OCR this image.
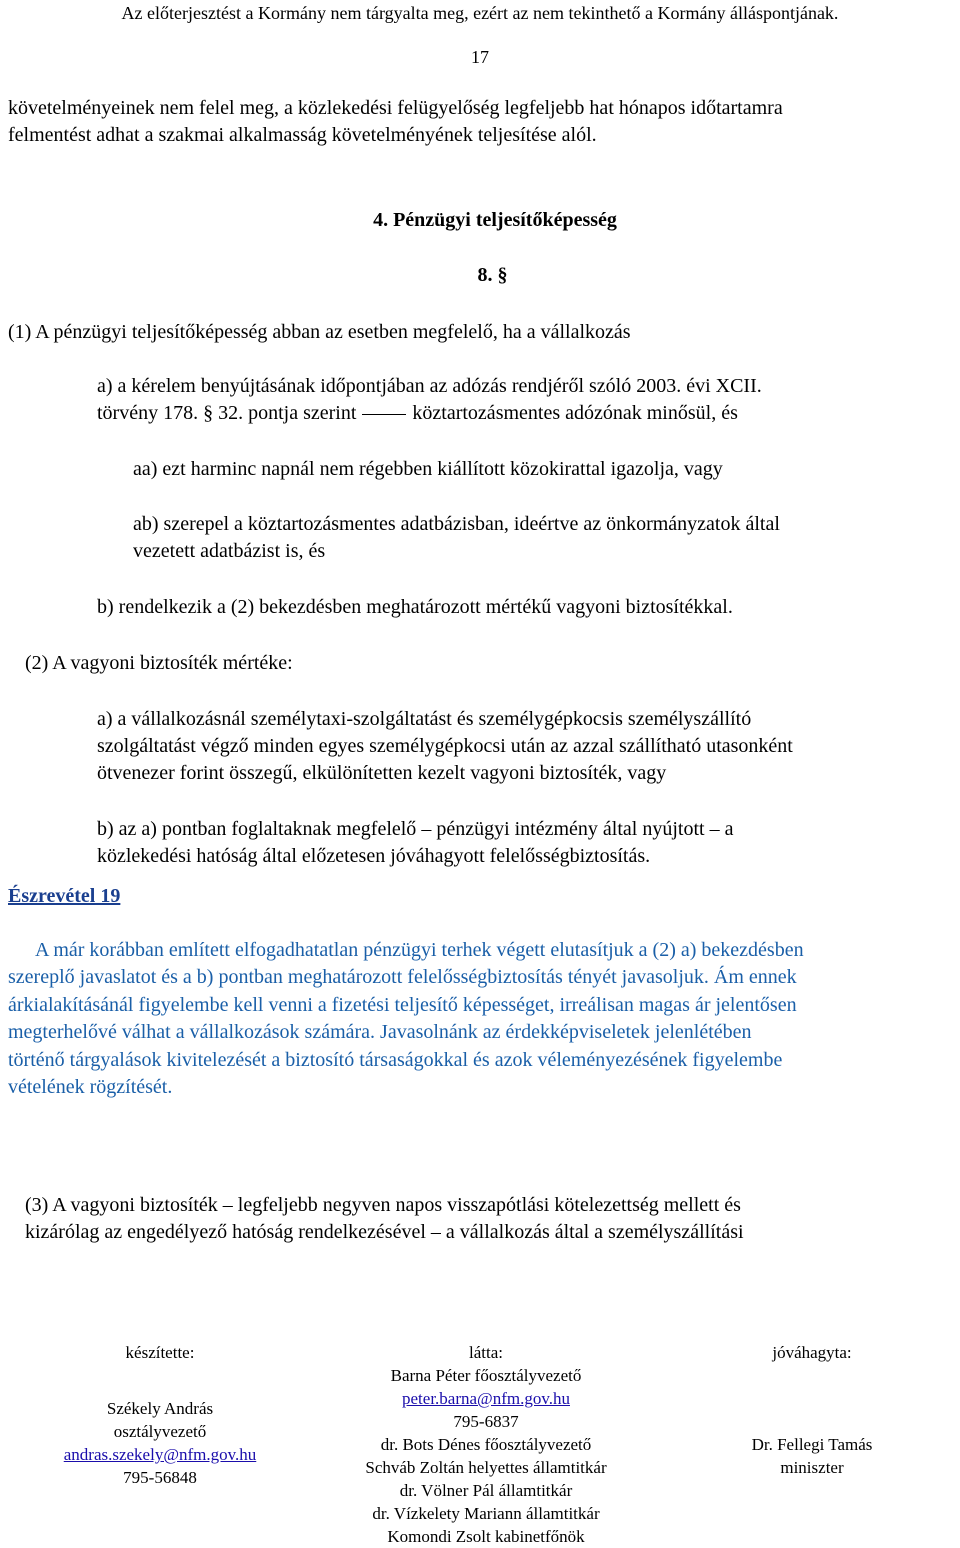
Az előterjesztést a Kormány nem tárgyalta meg, ezért az nem tekinthető a Kormány álláspontjának.
17
követelményeinek nem felel meg, a közlekedési felügyelőség legfeljebb hat hónapos időtartamra
felmentést adhat a szakmai alkalmasság követelményének teljesítése alól.
4. Pénzügyi teljesítőképesség
8. §
(1) A pénzügyi teljesítőképesség abban az esetben megfelelő, ha a vállalkozás
a) a kérelem benyújtásának időpontjában az adózás rendjéről szóló 2003. évi XCII.
törvény 178. § 32. pontja szerint	köztartozásmentes adózónak minősül, és
aa) ezt harminc napnál nem régebben kiállított közokirattal igazolja, vagy
ab) szerepel a köztartozásmentes adatbázisban, ideértve az önkormányzatok által
vezetett adatbázist is, és
b) rendelkezik a (2) bekezdésben meghatározott mértékű vagyoni biztosítékkal.
(2) A vagyoni biztosíték mértéke:
a) a vállalkozásnál személytaxi-szolgáltatást és személygépkocsis személyszállító
szolgáltatást végző minden egyes személygépkocsi után az azzal szállítható utasonként
ötvenezer forint összegű, elkülönítetten kezelt vagyoni biztosíték, vagy
b) az a) pontban foglaltaknak megfelelő – pénzügyi intézmény által nyújtott – a
közlekedési hatóság által előzetesen jóváhagyott felelősségbiztosítás.
Észrevétel 19
A már korábban említett elfogadhatatlan pénzügyi terhek végett elutasítjuk a (2) a) bekezdésben
szereplő javaslatot és a b) pontban meghatározott felelősségbiztosítás tényét javasoljuk. Ám ennek
árkialakításánál figyelembe kell venni a fizetési teljesítő képességet, irreálisan magas ár jelentősen
megterhelővé válhat a vállalkozások számára. Javasolnánk az érdekképviseletek jelenlétében
történő tárgyalások kivitelezését a biztosító társaságokkal és azok véleményezésének figyelembe
vételének rögzítését.
(3) A vagyoni biztosíték – legfeljebb negyven napos visszapótlási kötelezettség mellett és
kizárólag az engedélyező hatóság rendelkezésével – a vállalkozás által a személyszállítási
készítette:
Székely András
osztályvezető
andras.szekely@nfm.gov.hu
795-56848
látta:
Barna Péter főosztályvezető
peter.barna@nfm.gov.hu
795-6837
dr. Bots Dénes főosztályvezető
Schváb Zoltán helyettes államtitkár
dr. Völner Pál államtitkár
dr. Vízkelety Mariann államtitkár
Komondi Zsolt kabinetfőnök
jóváhagyta:
Dr. Fellegi Tamás
miniszter
